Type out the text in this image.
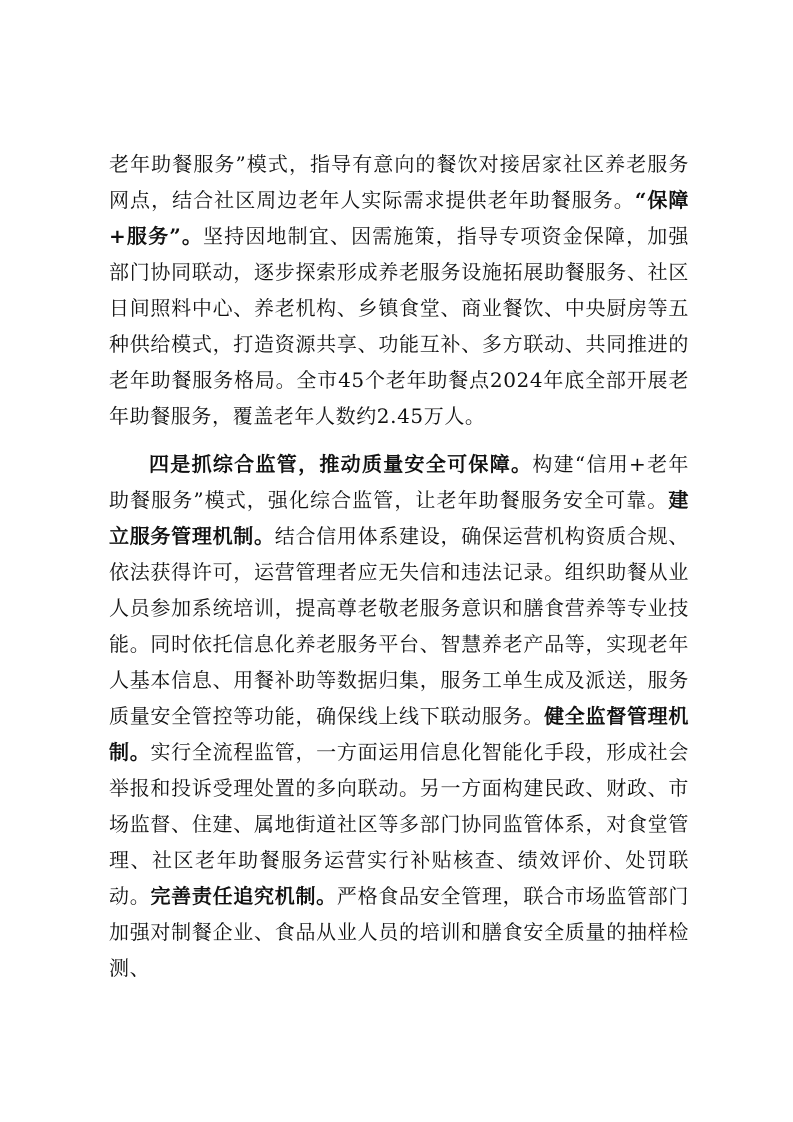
老年助餐服务”模式，指导有意向的餐饮对接居家社区养老服务网点，结合社区周边老年人实际需求提供老年助餐服务。“保障+服务”。坚持因地制宜、因需施策，指导专项资金保障，加强部门协同联动，逐步探索形成养老服务设施拓展助餐服务、社区日间照料中心、养老机构、乡镇食堂、商业餐饮、中央厨房等五种供给模式，打造资源共享、功能互补、多方联动、共同推进的老年助餐服务格局。全市45个老年助餐点2024年底全部开展老年助餐服务，覆盖老年人数约2.45万人。

四是抓综合监管，推动质量安全可保障。构建“信用+老年助餐服务”模式，强化综合监管，让老年助餐服务安全可靠。建立服务管理机制。结合信用体系建设，确保运营机构资质合规、依法获得许可，运营管理者应无失信和违法记录。组织助餐从业人员参加系统培训，提高尊老敬老服务意识和膳食营养等专业技能。同时依托信息化养老服务平台、智慧养老产品等，实现老年人基本信息、用餐补助等数据归集，服务工单生成及派送，服务质量安全管控等功能，确保线上线下联动服务。健全监督管理机制。实行全流程监管，一方面运用信息化智能化手段，形成社会举报和投诉受理处置的多向联动。另一方面构建民政、财政、市场监督、住建、属地街道社区等多部门协同监管体系，对食堂管理、社区老年助餐服务运营实行补贴核查、绩效评价、处罚联动。完善责任追究机制。严格食品安全管理，联合市场监管部门加强对制餐企业、食品从业人员的培训和膳食安全质量的抽样检测、
